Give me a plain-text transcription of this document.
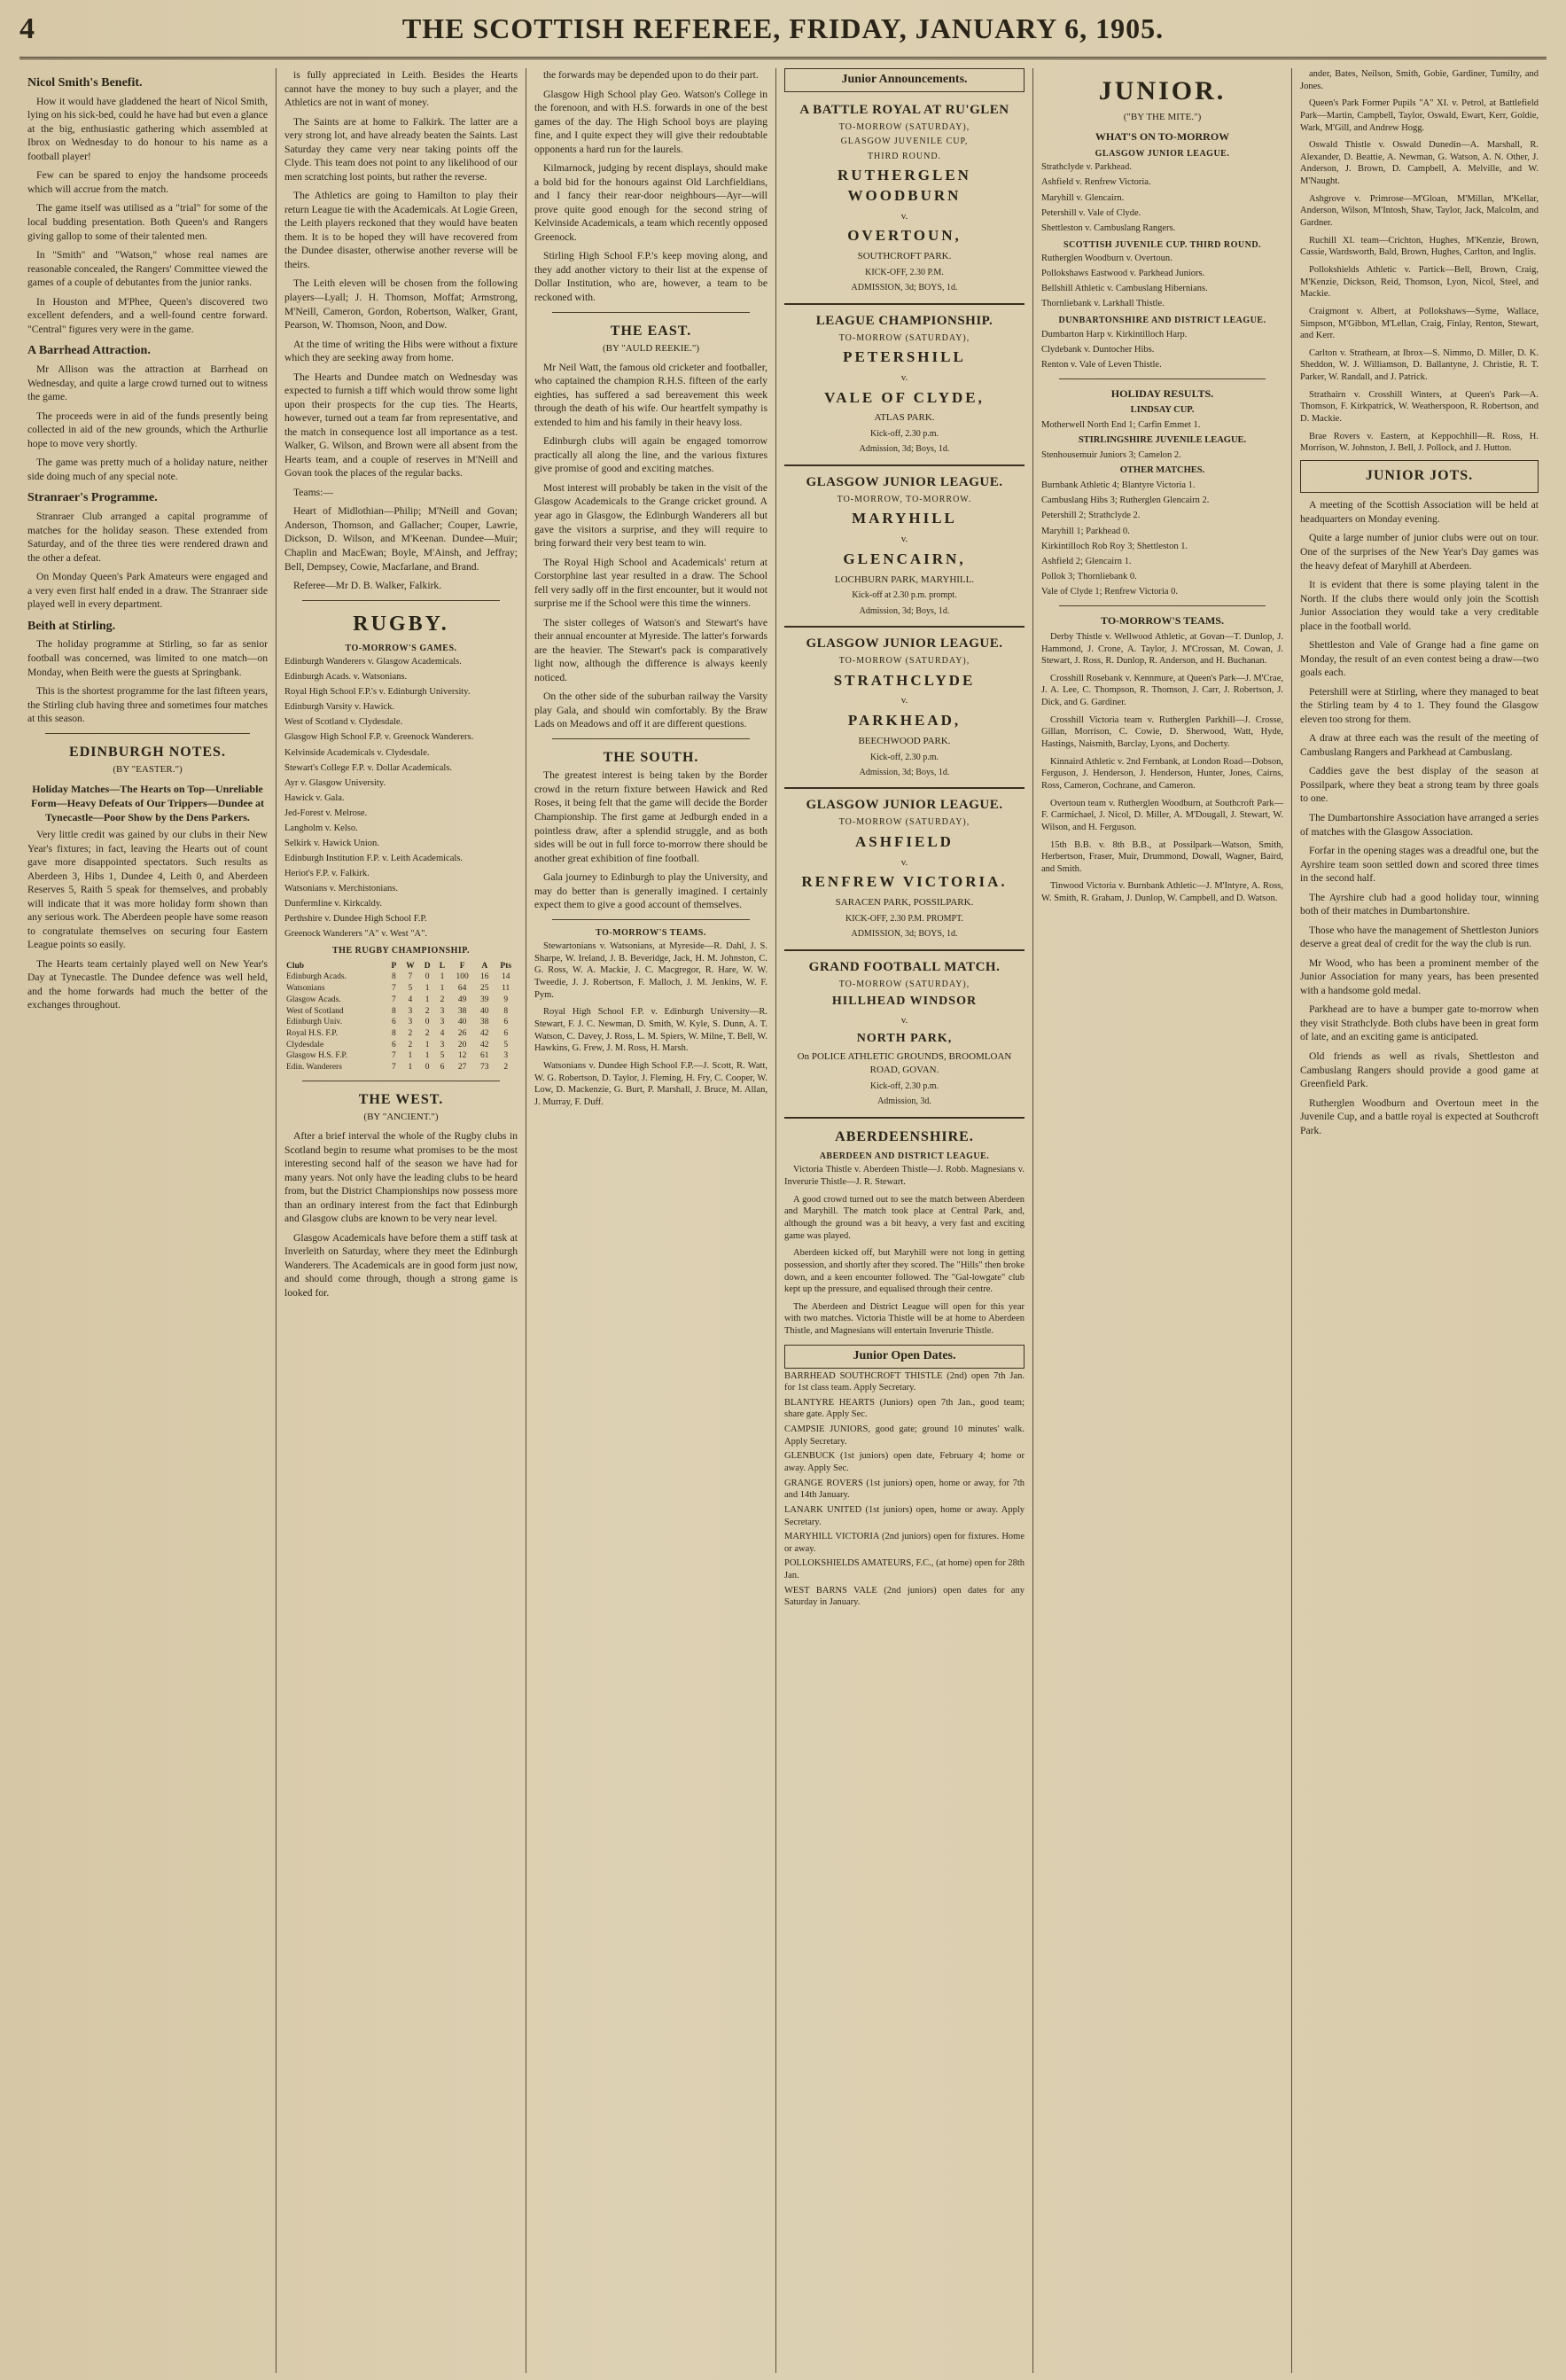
4	THE SCOTTISH REFEREE, FRIDAY, JANUARY 6, 1905.
Nicol Smith's Benefit.

How it would have gladdened the heart of Nicol Smith, lying on his sick-bed, could he have had but even a glance at the big, enthusiastic gathering which assembled at Ibrox on Wednesday to do honour to his name as a football player!

Few can be spared to enjoy the handsome proceeds which will accrue from the match.

The game itself was utilised as a "trial" for some of the local budding presentation. Both Queen's and Rangers giving gallop to some of their talented men.

In "Smith" and "Watson," whose real names are reasonable concealed, the Rangers' Committee viewed the games of a couple of debutantes from the junior ranks.

In Houston and M'Phee, Queen's discovered two excellent defenders, and a well-found centre forward. "Central" figures very were in the game.

A Barrhead Attraction.

Mr Allison was the attraction at Barrhead on Wednesday, and quite a large crowd turned out to witness the game.

The proceeds were in aid of the funds presently being collected in aid of the new grounds, which the Arthurlie hope to move very shortly.

The game was pretty much of a holiday nature, neither side doing much of any special note.

Stranraer's Programme.

Stranraer Club arranged a capital programme of matches for the holiday season. These extended from Saturday, and of the three ties were rendered drawn and the other a defeat.

On Monday Queen's Park Amateurs were engaged and a very even first half ended in a draw. The Stranraer side played well in every department.

Beith at Stirling.

The holiday programme at Stirling, so far as senior football was concerned, was limited to one match—on Monday, when Beith were the guests at Springbank.

This is the shortest programme for the last fifteen years, the Stirling club having three and sometimes four matches at this season.

EDINBURGH NOTES.
(BY "EASTER.")
Holiday Matches—The Hearts on Top—Unreliable Form—Heavy Defeats of Our Trippers—Dundee at Tynecastle—Poor Show by the Dens Parkers.

Very little credit was gained by our clubs in their New Year's fixtures; in fact, leaving the Hearts out of count gave more disappointed spectators. Such results as Aberdeen 3, Hibs 1, Dundee 4, Leith 0, and Aberdeen Reserves 5, Raith 5 speak for themselves, and probably will indicate that it was more holiday form shown than any serious work. The Aberdeen people have some reason to congratulate themselves on securing four Eastern League points so easily.

The Hearts team certainly played well on New Year's Day at Tynecastle. The Dundee defence was well held, and the home forwards had much the better of the exchanges throughout.

is fully appreciated in Leith. Besides the Hearts cannot have the money to buy such a player, and the Athletics are not in want of money.

The Saints are at home to Falkirk. The latter are a very strong lot, and have already beaten the Saints. Last Saturday they came very near taking points off the Clyde. This team does not point to any likelihood of our men scratching lost points, but rather the reverse.

The Athletics are going to Hamilton to play their return League tie with the Academicals. At Logie Green, the Leith players reckoned that they would have beaten them. It is to be hoped they will have recovered from the Dundee disaster, otherwise another reverse will be theirs.

The Leith eleven will be chosen from the following players—Lyall; J. H. Thomson, Moffat; Armstrong, M'Neill, Cameron, Gordon, Robertson, Walker, Grant, Pearson, W. Thomson, Noon, and Dow.

At the time of writing the Hibs were without a fixture which they are seeking away from home.

The Hearts and Dundee match on Wednesday was expected to furnish a tiff which would throw some light upon their prospects for the cup ties. The Hearts, however, turned out a team far from representative, and the match in consequence lost all importance as a test. Walker, G. Wilson, and Brown were all absent from the Hearts team, and a couple of reserves in M'Neill and Govan took the places of the regular backs.

Teams:—

Heart of Midlothian—Philip; M'Neill and Govan; Anderson, Thomson, and Gallacher; Couper, Lawrie, Dickson, D. Wilson, and M'Keenan. Dundee—Muir; Chaplin and MacEwan; Boyle, M'Ainsh, and Jeffray; Bell, Dempsey, Cowie, Macfarlane, and Brand.

Referee—Mr D. B. Walker, Falkirk.

RUGBY.
TO-MORROW'S GAMES.

Edinburgh Wanderers v. Glasgow Academicals.

Edinburgh Acads. v. Watsonians.

Royal High School F.P.'s v. Edinburgh University.

Edinburgh Varsity v. Hawick.

West of Scotland v. Clydesdale.

Glasgow High School F.P. v. Greenock Wanderers.

Kelvinside Academicals v. Clydesdale.

Stewart's College F.P. v. Dollar Academicals.

Ayr v. Glasgow University.

Hawick v. Gala.

Jed-Forest v. Melrose.

Langholm v. Kelso.

Selkirk v. Hawick Union.

Edinburgh Institution F.P. v. Leith Academicals.

Heriot's F.P. v. Falkirk.

Watsonians v. Merchistonians.

Dunfermline v. Kirkcaldy.

Perthshire v. Dundee High School F.P.

Greenock Wanderers "A" v. West "A".

THE RUGBY CHAMPIONSHIP.
Club	P	W	D	L	F	A	Pts
Edinburgh Acads.	8	7	0	1	100	16	14
Watsonians	7	5	1	1	64	25	11
Glasgow Acads.	7	4	1	2	49	39	9
West of Scotland	8	3	2	3	38	40	8
Edinburgh Univ.	6	3	0	3	40	38	6
Royal H.S. F.P.	8	2	2	4	26	42	6
Clydesdale	6	2	1	3	20	42	5
Glasgow H.S. F.P.	7	1	1	5	12	61	3
Edin. Wanderers	7	1	0	6	27	73	2
THE WEST.
(BY "ANCIENT.")

After a brief interval the whole of the Rugby clubs in Scotland begin to resume what promises to be the most interesting second half of the season we have had for many years. Not only have the leading clubs to be heard from, but the District Championships now possess more than an ordinary interest from the fact that Edinburgh and Glasgow clubs are known to be very near level.

Glasgow Academicals have before them a stiff task at Inverleith on Saturday, where they meet the Edinburgh Wanderers. The Academicals are in good form just now, and should come through, though a strong game is looked for.

the forwards may be depended upon to do their part.

Glasgow High School play Geo. Watson's College in the forenoon, and with H.S. forwards in one of the best games of the day. The High School boys are playing fine, and I quite expect they will give their redoubtable opponents a hard run for the laurels.

Kilmarnock, judging by recent displays, should make a bold bid for the honours against Old Larchfieldians, and I fancy their rear-door neighbours—Ayr—will prove quite good enough for the second string of Kelvinside Academicals, a team which recently opposed Greenock.

Stirling High School F.P.'s keep moving along, and they add another victory to their list at the expense of Dollar Institution, who are, however, a team to be reckoned with.

THE EAST.
(BY "AULD REEKIE.")

Mr Neil Watt, the famous old cricketer and footballer, who captained the champion R.H.S. fifteen of the early eighties, has suffered a sad bereavement this week through the death of his wife. Our heartfelt sympathy is extended to him and his family in their heavy loss.

Edinburgh clubs will again be engaged tomorrow practically all along the line, and the various fixtures give promise of good and exciting matches.

Most interest will probably be taken in the visit of the Glasgow Academicals to the Grange cricket ground. A year ago in Glasgow, the Edinburgh Wanderers all but gave the visitors a surprise, and they will require to bring forward their very best team to win.

The Royal High School and Academicals' return at Corstorphine last year resulted in a draw. The School fell very sadly off in the first encounter, but it would not surprise me if the School were this time the winners.

The sister colleges of Watson's and Stewart's have their annual encounter at Myreside. The latter's forwards are the heavier. The Stewart's pack is comparatively light now, although the difference is always keenly noticed.

On the other side of the suburban railway the Varsity play Gala, and should win comfortably. By the Braw Lads on Meadows and off it are different questions.

THE SOUTH.

The greatest interest is being taken by the Border crowd in the return fixture between Hawick and Red Roses, it being felt that the game will decide the Border Championship. The first game at Jedburgh ended in a pointless draw, after a splendid struggle, and as both sides will be out in full force to-morrow there should be another great exhibition of fine football.

Gala journey to Edinburgh to play the University, and may do better than is generally imagined. I certainly expect them to give a good account of themselves.

TO-MORROW'S TEAMS.

Stewartonians v. Watsonians, at Myreside—R. Dahl, J. S. Sharpe, W. Ireland, J. B. Beveridge, Jack, H. M. Johnston, C. G. Ross, W. A. Mackie, J. C. Macgregor, R. Hare, W. W. Tweedie, J. J. Robertson, F. Malloch, J. M. Jenkins, W. F. Pym.

Royal High School F.P. v. Edinburgh University—R. Stewart, F. J. C. Newman, D. Smith, W. Kyle, S. Dunn, A. T. Watson, C. Davey, J. Ross, L. M. Spiers, W. Milne, T. Bell, W. Hawkins, G. Frew, J. M. Ross, H. Marsh.

Watsonians v. Dundee High School F.P.—J. Scott, R. Watt, W. G. Robertson, D. Taylor, J. Fleming, H. Fry, C. Cooper, W. Low, D. Mackenzie, G. Burt, P. Marshall, J. Bruce, M. Allan, J. Murray, F. Duff.

Junior Announcements.
A BATTLE ROYAL AT RU'GLEN
TO-MORROW (SATURDAY),
GLASGOW JUVENILE CUP,
THIRD ROUND.
RUTHERGLEN WOODBURN
v.
OVERTOUN,
SOUTHCROFT PARK.
KICK-OFF, 2.30 P.M.
ADMISSION, 3d; BOYS, 1d.
LEAGUE CHAMPIONSHIP.
TO-MORROW (SATURDAY),
PETERSHILL
v.
VALE OF CLYDE,
ATLAS PARK.
Kick-off, 2.30 p.m.
Admission, 3d; Boys, 1d.
GLASGOW JUNIOR LEAGUE.
TO-MORROW, TO-MORROW.
MARYHILL
v.
GLENCAIRN,
LOCHBURN PARK, MARYHILL.
Kick-off at 2.30 p.m. prompt.
Admission, 3d; Boys, 1d.
GLASGOW JUNIOR LEAGUE.
TO-MORROW (SATURDAY),
STRATHCLYDE
v.
PARKHEAD,
BEECHWOOD PARK.
Kick-off, 2.30 p.m.
Admission, 3d; Boys, 1d.
GLASGOW JUNIOR LEAGUE.
TO-MORROW (SATURDAY),
ASHFIELD
v.
RENFREW VICTORIA.
SARACEN PARK, POSSILPARK.
KICK-OFF, 2.30 P.M. PROMPT.
ADMISSION, 3d; BOYS, 1d.
GRAND FOOTBALL MATCH.
TO-MORROW (SATURDAY),
HILLHEAD WINDSOR
v.
NORTH PARK,
On POLICE ATHLETIC GROUNDS, BROOMLOAN ROAD, GOVAN.
Kick-off, 2.30 p.m.
Admission, 3d.
ABERDEENSHIRE.
ABERDEEN AND DISTRICT LEAGUE.

Victoria Thistle v. Aberdeen Thistle—J. Robb. Magnesians v. Inverurie Thistle—J. R. Stewart.

A good crowd turned out to see the match between Aberdeen and Maryhill. The match took place at Central Park, and, although the ground was a bit heavy, a very fast and exciting game was played.

Aberdeen kicked off, but Maryhill were not long in getting possession, and shortly after they scored. The "Hills" then broke down, and a keen encounter followed. The "Gal-lowgate" club kept up the pressure, and equalised through their centre.

The Aberdeen and District League will open for this year with two matches. Victoria Thistle will be at home to Aberdeen Thistle, and Magnesians will entertain Inverurie Thistle.

Junior Open Dates.

BARRHEAD SOUTHCROFT THISTLE (2nd) open 7th Jan. for 1st class team. Apply Secretary.

BLANTYRE HEARTS (Juniors) open 7th Jan., good team; share gate. Apply Sec.

CAMPSIE JUNIORS, good gate; ground 10 minutes' walk. Apply Secretary.

GLENBUCK (1st juniors) open date, February 4; home or away. Apply Sec.

GRANGE ROVERS (1st juniors) open, home or away, for 7th and 14th January.

LANARK UNITED (1st juniors) open, home or away. Apply Secretary.

MARYHILL VICTORIA (2nd juniors) open for fixtures. Home or away.

POLLOKSHIELDS AMATEURS, F.C., (at home) open for 28th Jan.

WEST BARNS VALE (2nd juniors) open dates for any Saturday in January.

JUNIOR.
("BY THE MITE.")
WHAT'S ON TO-MORROW
GLASGOW JUNIOR LEAGUE.

Strathclyde v. Parkhead.

Ashfield v. Renfrew Victoria.

Maryhill v. Glencairn.

Petershill v. Vale of Clyde.

Shettleston v. Cambuslang Rangers.

SCOTTISH JUVENILE CUP. THIRD ROUND.

Rutherglen Woodburn v. Overtoun.

Pollokshaws Eastwood v. Parkhead Juniors.

Bellshill Athletic v. Cambuslang Hibernians.

Thornliebank v. Larkhall Thistle.

DUNBARTONSHIRE AND DISTRICT LEAGUE.

Dumbarton Harp v. Kirkintilloch Harp.

Clydebank v. Duntocher Hibs.

Renton v. Vale of Leven Thistle.

HOLIDAY RESULTS.

LINDSAY CUP.

Motherwell North End 1; Carfin Emmet 1.

STIRLINGSHIRE JUVENILE LEAGUE.

Stenhousemuir Juniors 3; Camelon 2.

OTHER MATCHES.

Burnbank Athletic 4; Blantyre Victoria 1.

Cambuslang Hibs 3; Rutherglen Glencairn 2.

Petershill 2; Strathclyde 2.

Maryhill 1; Parkhead 0.

Kirkintilloch Rob Roy 3; Shettleston 1.

Ashfield 2; Glencairn 1.

Pollok 3; Thornliebank 0.

Vale of Clyde 1; Renfrew Victoria 0.

TO-MORROW'S TEAMS.

Derby Thistle v. Wellwood Athletic, at Govan—T. Dunlop, J. Hammond, J. Crone, A. Taylor, J. M'Crossan, M. Cowan, J. Stewart, J. Ross, R. Dunlop, R. Anderson, and H. Buchanan.

Crosshill Rosebank v. Kennmure, at Queen's Park—J. M'Crae, J. A. Lee, C. Thompson, R. Thomson, J. Carr, J. Robertson, J. Dick, and G. Gardiner.

Crosshill Victoria team v. Rutherglen Parkhill—J. Crosse, Gillan, Morrison, C. Cowie, D. Sherwood, Watt, Hyde, Hastings, Naismith, Barclay, Lyons, and Docherty.

Kinnaird Athletic v. 2nd Fernbank, at London Road—Dobson, Ferguson, J. Henderson, J. Henderson, Hunter, Jones, Cairns, Ross, Cameron, Cochrane, and Cameron.

Overtoun team v. Rutherglen Woodburn, at Southcroft Park—F. Carmichael, J. Nicol, D. Miller, A. M'Dougall, J. Stewart, W. Wilson, and H. Ferguson.

15th B.B. v. 8th B.B., at Possilpark—Watson, Smith, Herbertson, Fraser, Muir, Drummond, Dowall, Wagner, Baird, and Smith.

Tinwood Victoria v. Burnbank Athletic—J. M'Intyre, A. Ross, W. Smith, R. Graham, J. Dunlop, W. Campbell, and D. Watson.

ander, Bates, Neilson, Smith, Gobie, Gardiner, Tumilty, and Jones.

Queen's Park Former Pupils "A" XI. v. Petrol, at Battlefield Park—Martin, Campbell, Taylor, Oswald, Ewart, Kerr, Goldie, Wark, M'Gill, and Andrew Hogg.

Oswald Thistle v. Oswald Dunedin—A. Marshall, R. Alexander, D. Beattie, A. Newman, G. Watson, A. N. Other, J. Anderson, J. Brown, D. Campbell, A. Melville, and W. M'Naught.

Ashgrove v. Primrose—M'Gloan, M'Millan, M'Kellar, Anderson, Wilson, M'Intosh, Shaw, Taylor, Jack, Malcolm, and Gardner.

Ruchill XI. team—Crichton, Hughes, M'Kenzie, Brown, Cassie, Wardsworth, Bald, Brown, Hughes, Carlton, and Inglis.

Pollokshields Athletic v. Partick—Bell, Brown, Craig, M'Kenzie, Dickson, Reid, Thomson, Lyon, Nicol, Steel, and Mackie.

Craigmont v. Albert, at Pollokshaws—Syme, Wallace, Simpson, M'Gibbon, M'Lellan, Craig, Finlay, Renton, Stewart, and Kerr.

Carlton v. Strathearn, at Ibrox—S. Nimmo, D. Miller, D. K. Sheddon, W. J. Williamson, D. Ballantyne, J. Christie, R. T. Parker, W. Randall, and J. Patrick.

Strathairn v. Crosshill Winters, at Queen's Park—A. Thomson, F. Kirkpatrick, W. Weatherspoon, R. Robertson, and D. Mackie.

Brae Rovers v. Eastern, at Keppochhill—R. Ross, H. Morrison, W. Johnston, J. Bell, J. Pollock, and J. Hutton.

JUNIOR JOTS.

A meeting of the Scottish Association will be held at headquarters on Monday evening.

Quite a large number of junior clubs were out on tour. One of the surprises of the New Year's Day games was the heavy defeat of Maryhill at Aberdeen.

It is evident that there is some playing talent in the North. If the clubs there would only join the Scottish Junior Association they would take a very creditable place in the football world.

Shettleston and Vale of Grange had a fine game on Monday, the result of an even contest being a draw—two goals each.

Petershill were at Stirling, where they managed to beat the Stirling team by 4 to 1. They found the Glasgow eleven too strong for them.

A draw at three each was the result of the meeting of Cambuslang Rangers and Parkhead at Cambuslang.

Caddies gave the best display of the season at Possilpark, where they beat a strong team by three goals to one.

The Dumbartonshire Association have arranged a series of matches with the Glasgow Association.

Forfar in the opening stages was a dreadful one, but the Ayrshire team soon settled down and scored three times in the second half.

The Ayrshire club had a good holiday tour, winning both of their matches in Dumbartonshire.

Those who have the management of Shettleston Juniors deserve a great deal of credit for the way the club is run.

Mr Wood, who has been a prominent member of the Junior Association for many years, has been presented with a handsome gold medal.

Parkhead are to have a bumper gate to-morrow when they visit Strathclyde. Both clubs have been in great form of late, and an exciting game is anticipated.

Old friends as well as rivals, Shettleston and Cambuslang Rangers should provide a good game at Greenfield Park.

Rutherglen Woodburn and Overtoun meet in the Juvenile Cup, and a battle royal is expected at Southcroft Park.
